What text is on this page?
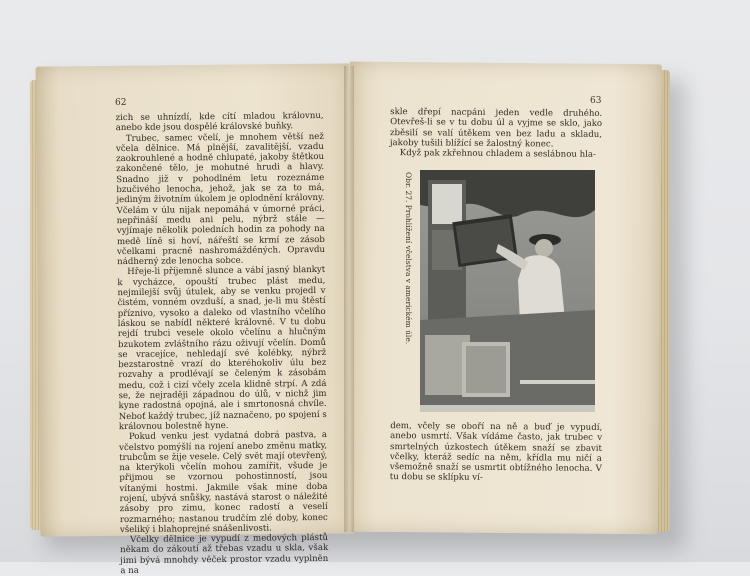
62

zich se uhnízdí, kde cítí mladou královnu, anebo kde jsou dospělé královské buňky.

Trubec, samec včelí, je mnohem větší než včela dělnice. Má plnější, zavalitější, vzadu zaokrouhlené a hodně chlupaté, jakoby štětkou zakončené tělo, je mohutné hrudi a hlavy. Snadno již v pohodlném letu rozeznáme bzučivého lenocha, jehož, jak se za to má, jediným životním úkolem je oplodnění královny. Včelám v úlu nijak nepomáhá v úmorné práci, nepřináší medu ani pelu, nýbrž stále — vyjímaje několik poledních hodin za pohody na medě líně si hoví, nářeští se krmí ze zásob včelkami pracně nashromážděných. Opravdu nádherný zde lenocha sobce.

Hřeje-li příjemně slunce a vábí jasný blankyt k vycházce, opouští trubec plást medu, nejmilejší svůj útulek, aby se venku projedl v čistém, vonném ovzduší, a snad, je-li mu štěstí příznivo, vysoko a daleko od vlastního včelího láskou se nabídl některé královně. V tu dobu rejdí trubci vesele okolo včelínu a hlučným bzukotem zvláštního rázu oživují včelín. Domů se vracejíce, nehledají své kolébky, nýbrž bezstarostně vrazí do kteréhokoliv úlu bez rozvahy a prodlévají se čeleným k zásobám medu, což i cizí včely zcela klidně strpí. A zdá se, že nejraději západnou do úlů, v nichž jim kyne radostná opojná, ale i smrtonosná chvíle. Neboť každý trubec, jíž naznačeno, po spojení s královnou bolestně hyne.

Pokud venku jest vydatná dobrá pastva, a včelstvo pomýšlí na rojení anebo změnu matky, trubcům se žije vesele. Celý svět mají otevřený, na kterýkoli včelín mohou zamířit, všude je přijmou se vzornou pohostinností, jsou vítanými hostmi. Jakmile však mine doba rojení, ubývá snůšky, nastává starost o náležité zásoby pro zimu, konec radostí a veselí rozmarného; nastanou trudčím zlé doby, konec všeliký i blahoprejné snášenlivosti.

Včelky dělnice je vypudí z medových plástů někam do zákoutí až třebas vzadu u skla, však jimi bývá mnohdy věček prostor vzadu vyplněn a na

63

skle dřepí nacpáni jeden vedle druhého. Otevřeš-li se v tu dobu úl a vyjme se sklo, jako zběsilí se valí útěkem ven bez ladu a skladu, jakoby tušili blížící se žalostný konec.

Když pak zkřehnou chladem a seslábnou hla-

Obr. 27. Prohlížení včelstva v americkém úle.

dem, včely se oboří na ně a buď je vypudí, anebo usmrtí. Však vídáme často, jak trubec v smrtelných úzkostech útěkem snaží se zbavit včelky, kteráž sedíc na něm, křídla mu ničí a všemožně snaží se usmrtit obtížného lenocha. V tu dobu se sklípku ví-
